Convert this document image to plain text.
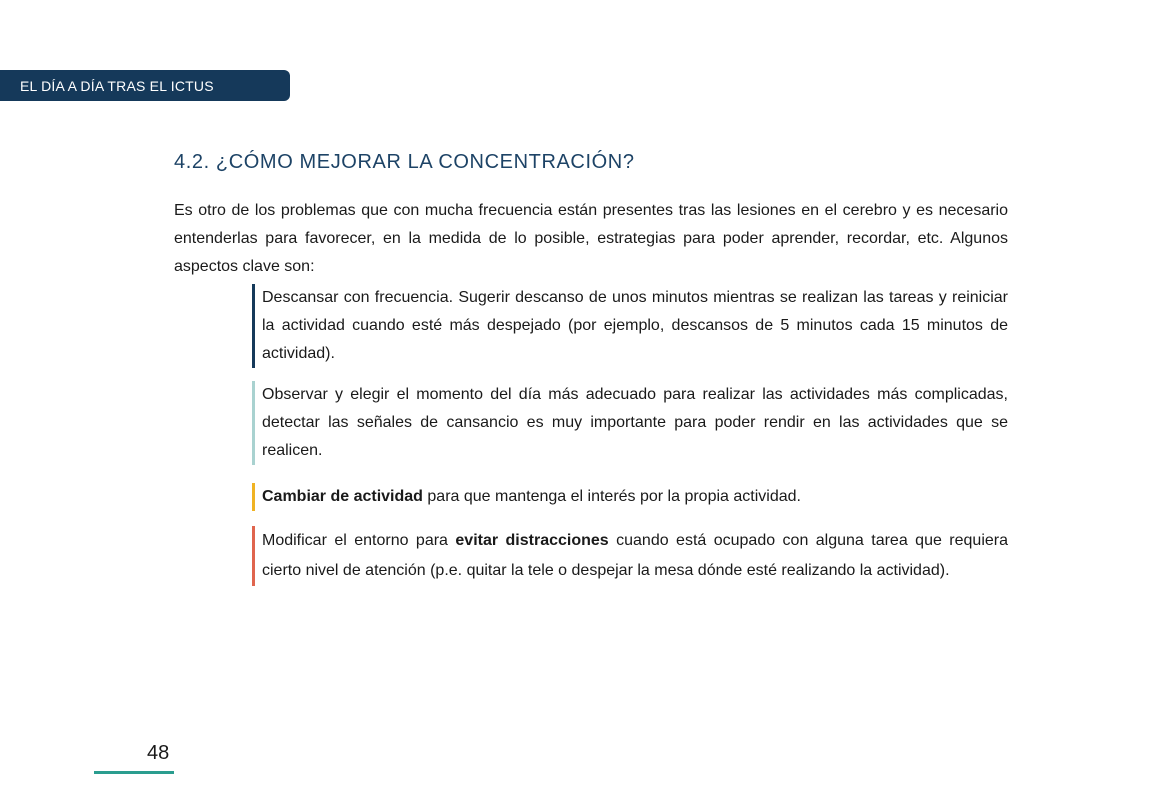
EL DÍA A DÍA TRAS EL ICTUS
4.2. ¿CÓMO MEJORAR LA CONCENTRACIÓN?

Es otro de los problemas que con mucha frecuencia están presentes tras las lesiones en el cerebro y es necesario entenderlas para favorecer, en la medida de lo posible, estrategias para poder aprender, recordar, etc. Algunos aspectos clave son:

Descansar con frecuencia. Sugerir descanso de unos minutos mientras se realizan las tareas y reiniciar la actividad cuando esté más despejado (por ejemplo, descansos de 5 minutos cada 15 minutos de actividad).

Observar y elegir el momento del día más adecuado para realizar las actividades más complicadas, detectar las señales de cansancio es muy importante para poder rendir en las actividades que se realicen.

Cambiar de actividad para que mantenga el interés por la propia actividad.

Modificar el entorno para evitar distracciones cuando está ocupado con alguna tarea que requiera cierto nivel de atención (p.e. quitar la tele o despejar la mesa dónde esté realizando la actividad).

48
